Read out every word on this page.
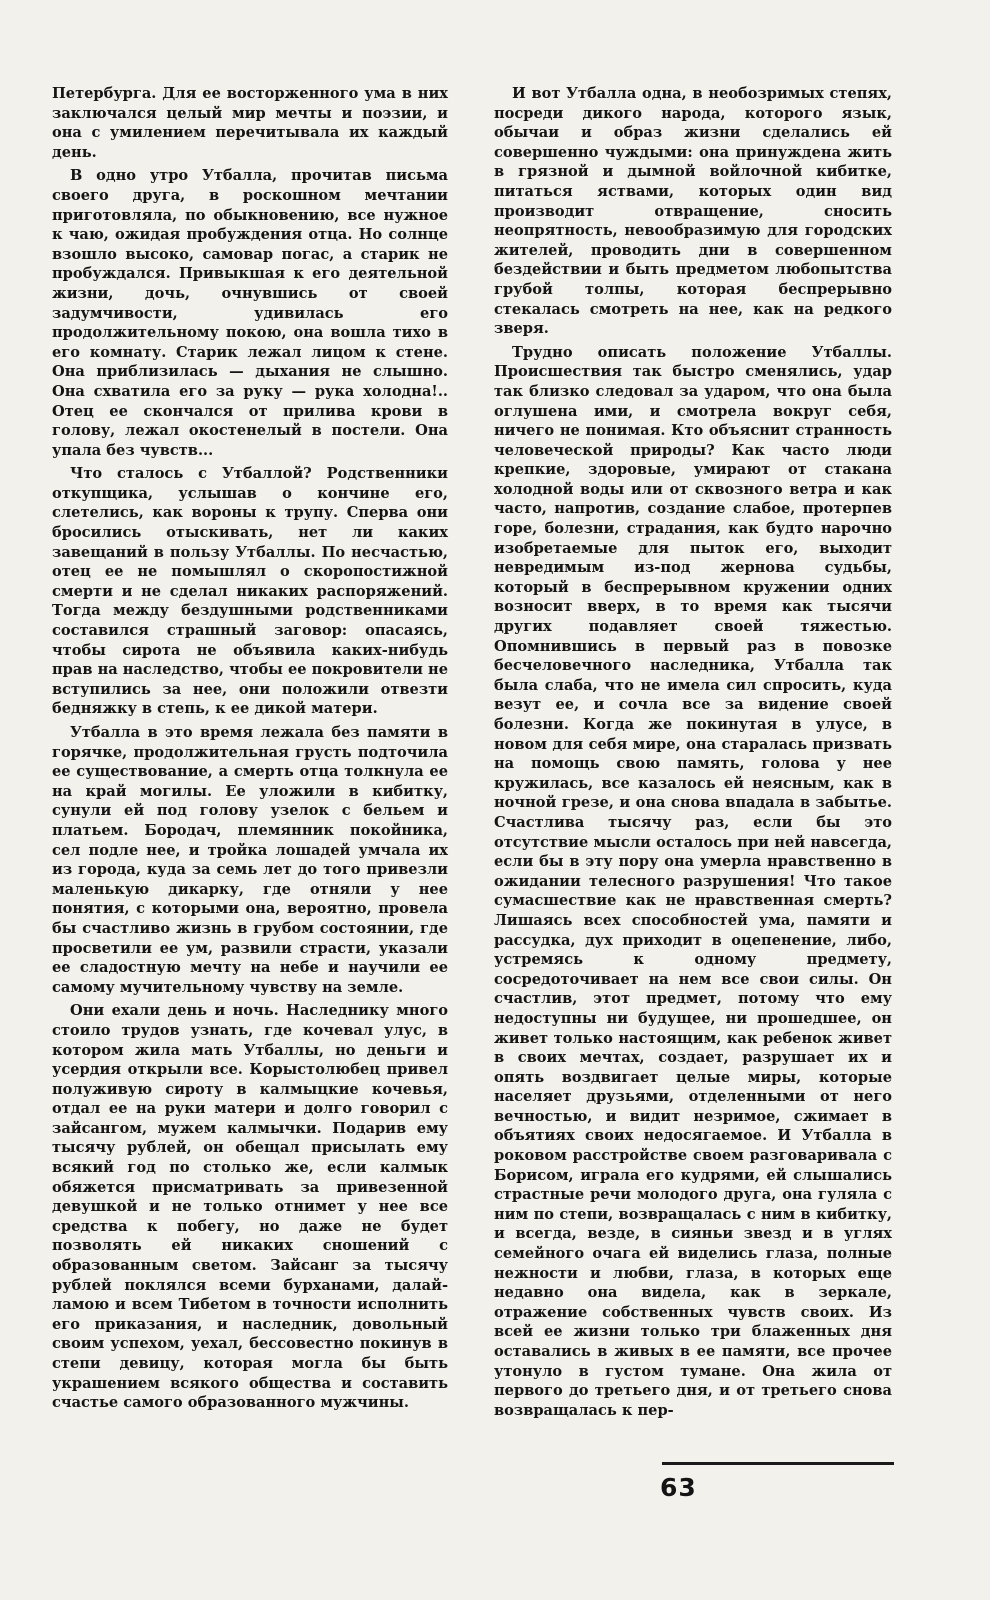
Петербурга. Для ее восторженного ума в них заключался целый мир мечты и поэзии, и она с умилением перечитывала их каждый день.

В одно утро Утбалла, прочитав письма своего друга, в роскошном мечтании приготовляла, по обыкновению, все нужное к чаю, ожидая пробуждения отца. Но солнце взошло высоко, самовар погас, а старик не пробуждался. Привыкшая к его деятельной жизни, дочь, очнувшись от своей задумчивости, удивилась его продолжительному покою, она вошла тихо в его комнату. Старик лежал лицом к стене. Она приблизилась — дыхания не слышно. Она схватила его за руку — рука холодна!.. Отец ее скончался от прилива крови в голову, лежал окостенелый в постели. Она упала без чувств...

Что сталось с Утбаллой? Родственники откупщика, услышав о кончине его, слетелись, как вороны к трупу. Сперва они бросились отыскивать, нет ли каких завещаний в пользу Утбаллы. По несчастью, отец ее не помышлял о скоропостижной смерти и не сделал никаких распоряжений. Тогда между бездушными родственниками составился страшный заговор: опасаясь, чтобы сирота не объявила каких-нибудь прав на наследство, чтобы ее покровители не вступились за нее, они положили отвезти бедняжку в степь, к ее дикой матери.

Утбалла в это время лежала без памяти в горячке, продолжительная грусть подточила ее существование, а смерть отца толкнула ее на край могилы. Ее уложили в кибитку, сунули ей под голову узелок с бельем и платьем. Бородач, племянник покойника, сел подле нее, и тройка лошадей умчала их из города, куда за семь лет до того привезли маленькую дикарку, где отняли у нее понятия, с которыми она, вероятно, провела бы счастливо жизнь в грубом состоянии, где просветили ее ум, развили страсти, указали ее сладостную мечту на небе и научили ее самому мучительному чувству на земле.

Они ехали день и ночь. Наследнику много стоило трудов узнать, где кочевал улус, в котором жила мать Утбаллы, но деньги и усердия открыли все. Корыстолюбец привел полуживую сироту в калмыцкие кочевья, отдал ее на руки матери и долго говорил с зайсангом, мужем калмычки. Подарив ему тысячу рублей, он обещал присылать ему всякий год по столько же, если калмык обяжется присматривать за привезенной девушкой и не только отнимет у нее все средства к побегу, но даже не будет позволять ей никаких сношений с образованным светом. Зайсанг за тысячу рублей поклялся всеми бурханами, далай-ламою и всем Тибетом в точности исполнить его приказания, и наследник, довольный своим успехом, уехал, бессовестно покинув в степи девицу, которая могла бы быть украшением всякого общества и составить счастье самого образованного мужчины.

И вот Утбалла одна, в необозримых степях, посреди дикого народа, которого язык, обычаи и образ жизни сделались ей совершенно чуждыми: она принуждена жить в грязной и дымной войлочной кибитке, питаться яствами, которых один вид производит отвращение, сносить неопрятность, невообразимую для городских жителей, проводить дни в совершенном бездействии и быть предметом любопытства грубой толпы, которая беспрерывно стекалась смотреть на нее, как на редкого зверя.

Трудно описать положение Утбаллы. Происшествия так быстро сменялись, удар так близко следовал за ударом, что она была оглушена ими, и смотрела вокруг себя, ничего не понимая. Кто объяснит странность человеческой природы? Как часто люди крепкие, здоровые, умирают от стакана холодной воды или от сквозного ветра и как часто, напротив, создание слабое, протерпев горе, болезни, страдания, как будто нарочно изобретаемые для пыток его, выходит невредимым из-под жернова судьбы, который в беспрерывном кружении одних возносит вверх, в то время как тысячи других подавляет своей тяжестью. Опомнившись в первый раз в повозке бесчеловечного наследника, Утбалла так была слаба, что не имела сил спросить, куда везут ее, и сочла все за видение своей болезни. Когда же покинутая в улусе, в новом для себя мире, она старалась призвать на помощь свою память, голова у нее кружилась, все казалось ей неясным, как в ночной грезе, и она снова впадала в забытье. Счастлива тысячу раз, если бы это отсутствие мысли осталось при ней навсегда, если бы в эту пору она умерла нравственно в ожидании телесного разрушения! Что такое сумасшествие как не нравственная смерть? Лишаясь всех способностей ума, памяти и рассудка, дух приходит в оцепенение, либо, устремясь к одному предмету, сосредоточивает на нем все свои силы. Он счастлив, этот предмет, потому что ему недоступны ни будущее, ни прошедшее, он живет только настоящим, как ребенок живет в своих мечтах, создает, разрушает их и опять воздвигает целые миры, которые населяет друзьями, отделенными от него вечностью, и видит незримое, сжимает в объятиях своих недосягаемое. И Утбалла в роковом расстройстве своем разговаривала с Борисом, играла его кудрями, ей слышались страстные речи молодого друга, она гуляла с ним по степи, возвращалась с ним в кибитку, и всегда, везде, в сияньи звезд и в углях семейного очага ей виделись глаза, полные нежности и любви, глаза, в которых еще недавно она видела, как в зеркале, отражение собственных чувств своих. Из всей ее жизни только три блаженных дня оставались в живых в ее памяти, все прочее утонуло в густом тумане. Она жила от первого до третьего дня, и от третьего снова возвращалась к пер-

63
